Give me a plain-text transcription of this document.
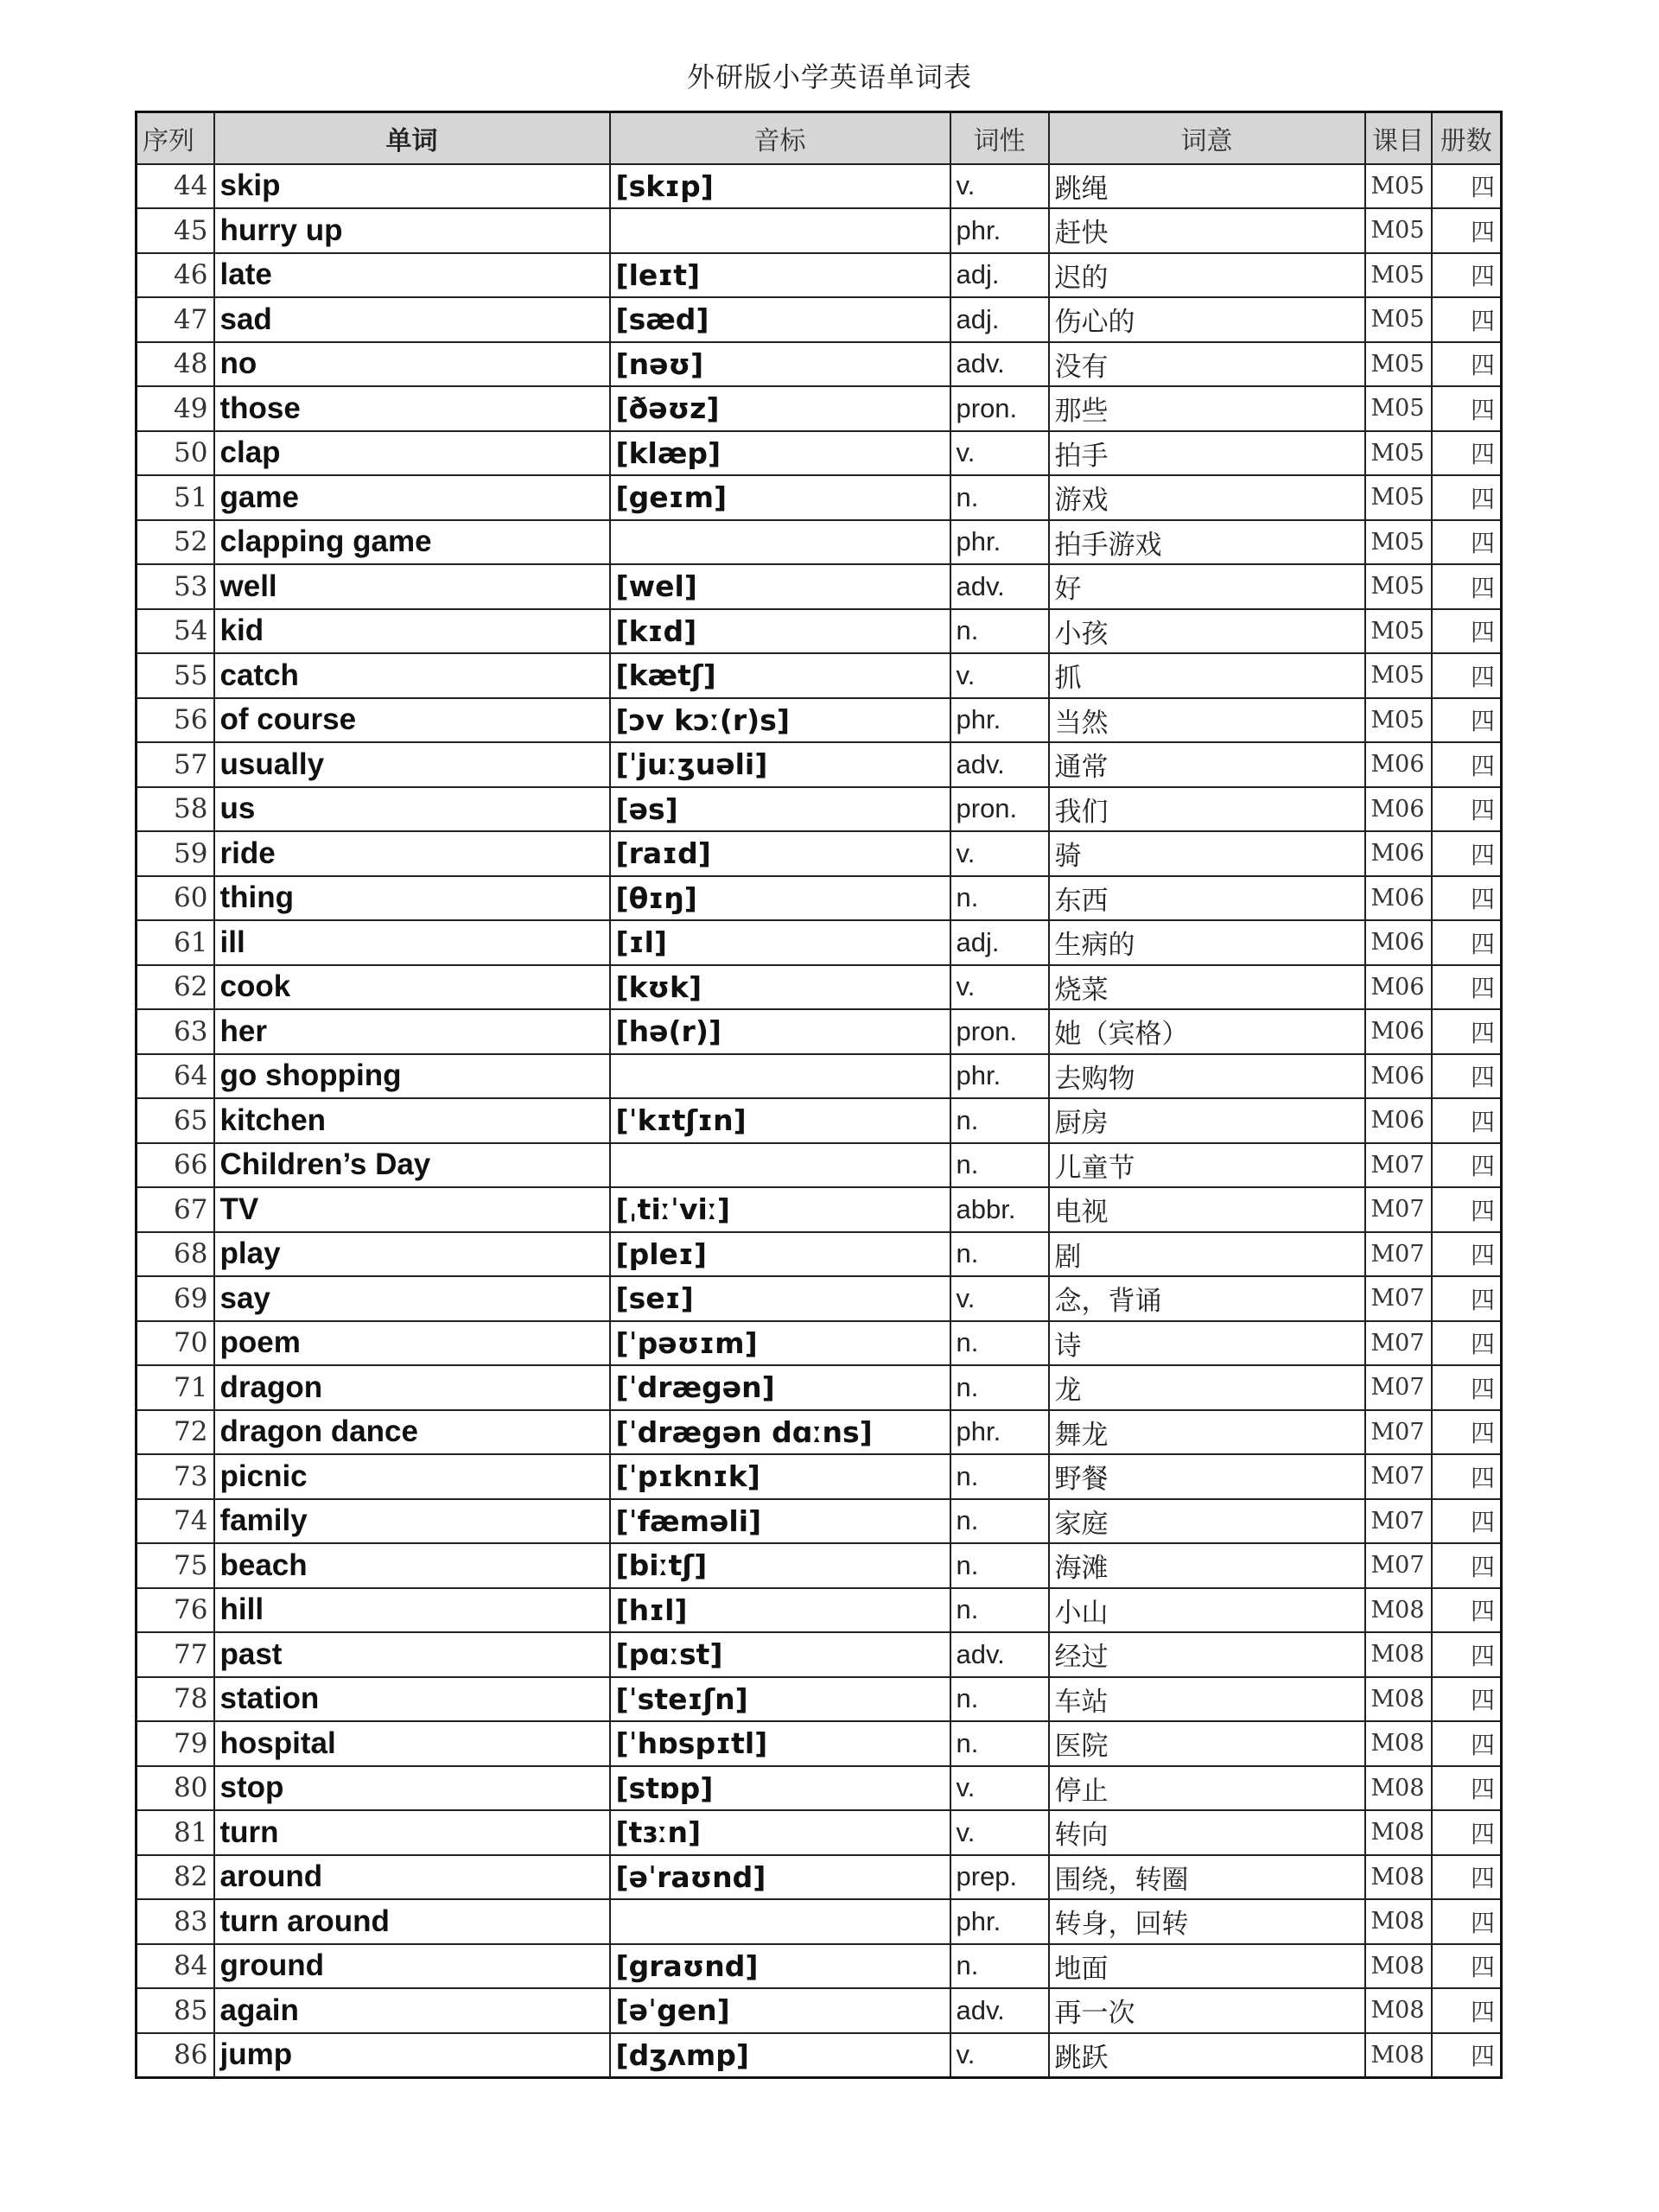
外研版小学英语单词表
序列	单词	音标	词性	词意	课目	册数
44	skip	[skɪp]	v.	跳绳	M05	四
45	hurry up		phr.	赶快	M05	四
46	late	[leɪt]	adj.	迟的	M05	四
47	sad	[sæd]	adj.	伤心的	M05	四
48	no	[nəʊ]	adv.	没有	M05	四
49	those	[ðəʊz]	pron.	那些	M05	四
50	clap	[klæp]	v.	拍手	M05	四
51	game	[geɪm]	n.	游戏	M05	四
52	clapping game		phr.	拍手游戏	M05	四
53	well	[wel]	adv.	好	M05	四
54	kid	[kɪd]	n.	小孩	M05	四
55	catch	[kætʃ]	v.	抓	M05	四
56	of course	[ɔv kɔː(r)s]	phr.	当然	M05	四
57	usually	[ˈjuːʒuəli]	adv.	通常	M06	四
58	us	[əs]	pron.	我们	M06	四
59	ride	[raɪd]	v.	骑	M06	四
60	thing	[θɪŋ]	n.	东西	M06	四
61	ill	[ɪl]	adj.	生病的	M06	四
62	cook	[kʊk]	v.	烧菜	M06	四
63	her	[hə(r)]	pron.	她（宾格）	M06	四
64	go shopping		phr.	去购物	M06	四
65	kitchen	[ˈkɪtʃɪn]	n.	厨房	M06	四
66	Children’s Day		n.	儿童节	M07	四
67	TV	[ˌtiːˈviː]	abbr.	电视	M07	四
68	play	[pleɪ]	n.	剧	M07	四
69	say	[seɪ]	v.	念，背诵	M07	四
70	poem	[ˈpəʊɪm]	n.	诗	M07	四
71	dragon	[ˈdrægən]	n.	龙	M07	四
72	dragon dance	[ˈdrægən dɑːns]	phr.	舞龙	M07	四
73	picnic	[ˈpɪknɪk]	n.	野餐	M07	四
74	family	[ˈfæməli]	n.	家庭	M07	四
75	beach	[biːtʃ]	n.	海滩	M07	四
76	hill	[hɪl]	n.	小山	M08	四
77	past	[pɑːst]	adv.	经过	M08	四
78	station	[ˈsteɪʃn]	n.	车站	M08	四
79	hospital	[ˈhɒspɪtl]	n.	医院	M08	四
80	stop	[stɒp]	v.	停止	M08	四
81	turn	[tɜːn]	v.	转向	M08	四
82	around	[əˈraʊnd]	prep.	围绕，转圈	M08	四
83	turn around		phr.	转身，回转	M08	四
84	ground	[graʊnd]	n.	地面	M08	四
85	again	[əˈgen]	adv.	再一次	M08	四
86	jump	[dʒʌmp]	v.	跳跃	M08	四
